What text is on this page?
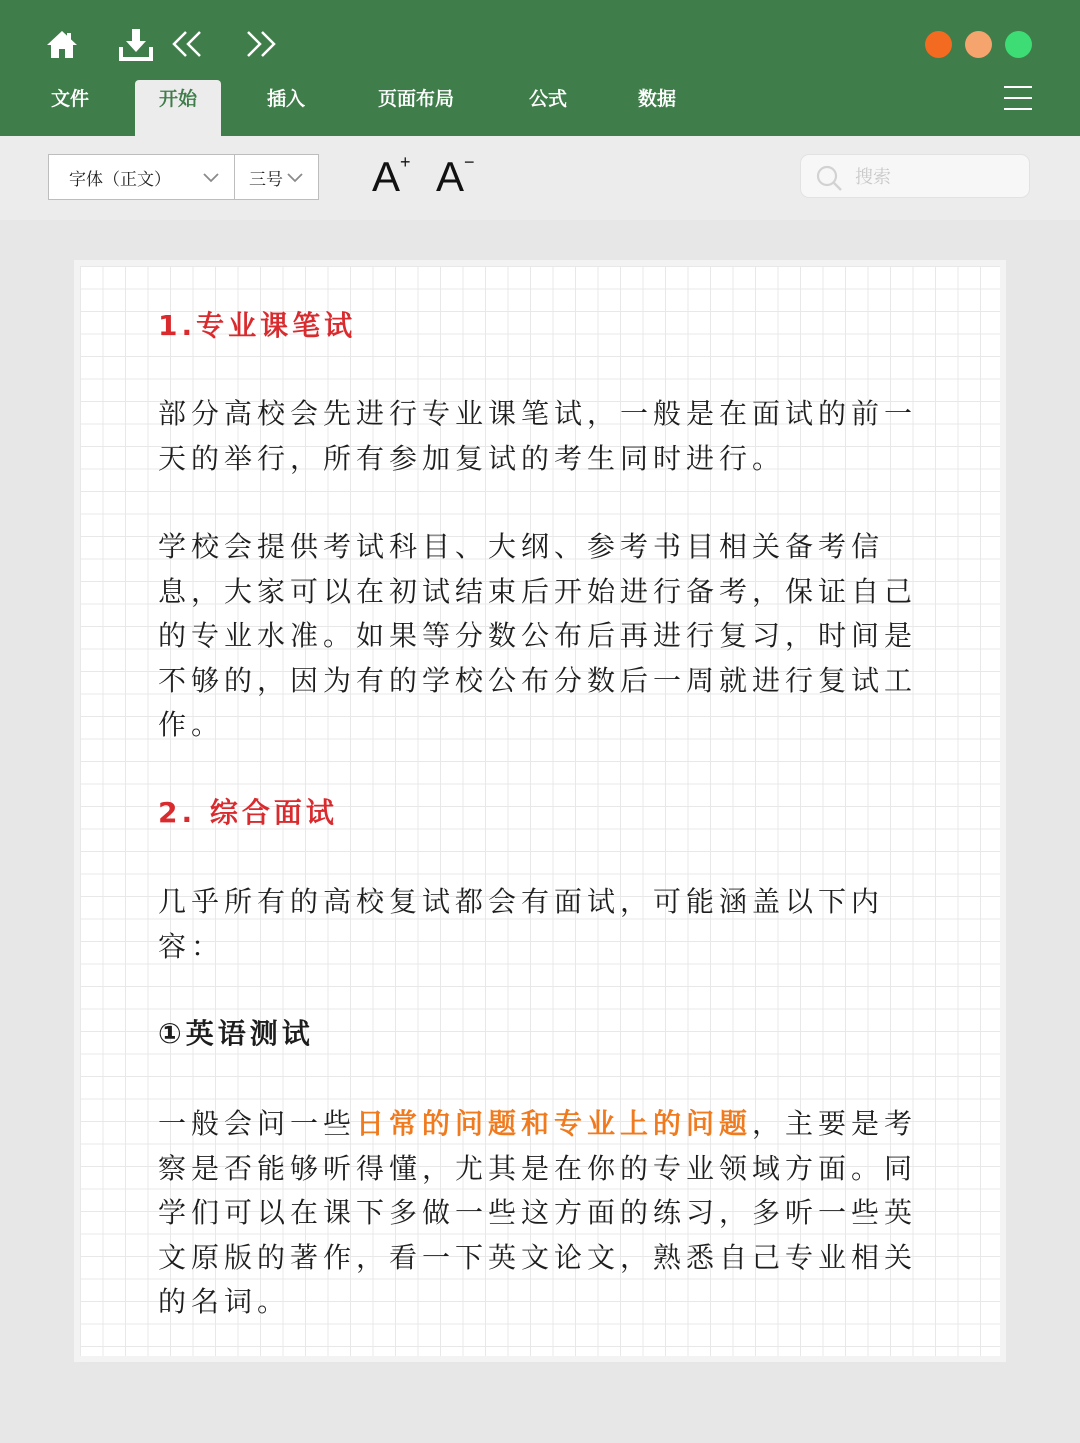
文件	开始	插入	页面布局	公式	数据
字体（正文）	三号 A+ A−
搜索

1.专业课笔试

部分高校会先进行专业课笔试，一般是在面试的前一天的举行，所有参加复试的考生同时进行。

学校会提供考试科目、大纲、参考书目相关备考信息，大家可以在初试结束后开始进行备考，保证自己的专业水准。如果等分数公布后再进行复习，时间是不够的，因为有的学校公布分数后一周就进行复试工作。

2. 综合面试

几乎所有的高校复试都会有面试，可能涵盖以下内容：

①英语测试

一般会问一些日常的问题和专业上的问题，主要是考察是否能够听得懂，尤其是在你的专业领域方面。同学们可以在课下多做一些这方面的练习，多听一些英文原版的著作，看一下英文论文，熟悉自己专业相关的名词。
